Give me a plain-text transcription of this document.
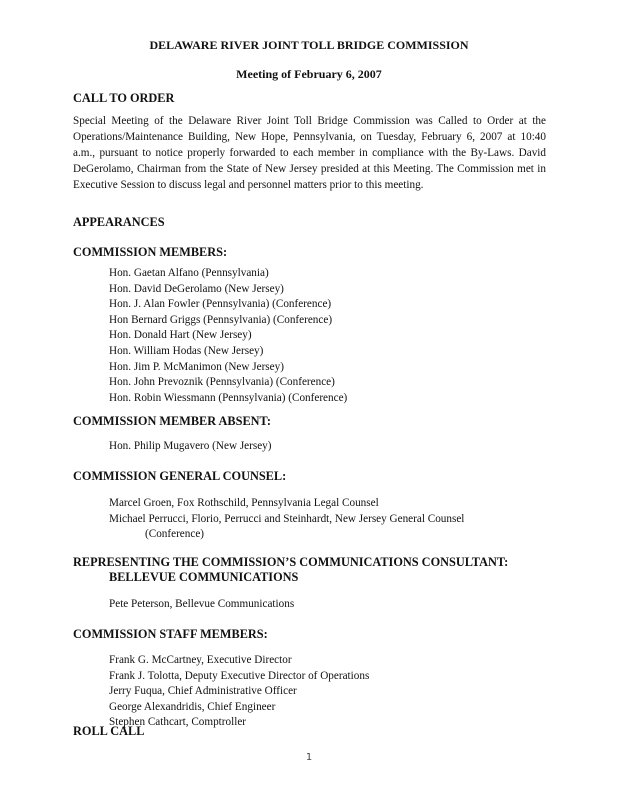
DELAWARE RIVER JOINT TOLL BRIDGE COMMISSION
Meeting of February 6, 2007
CALL TO ORDER
Special Meeting of the Delaware River Joint Toll Bridge Commission was Called to Order at the Operations/Maintenance Building, New Hope, Pennsylvania, on Tuesday, February 6, 2007 at 10:40 a.m., pursuant to notice properly forwarded to each member in compliance with the By-Laws. David DeGerolamo, Chairman from the State of New Jersey presided at this Meeting. The Commission met in Executive Session to discuss legal and personnel matters prior to this meeting.
APPEARANCES
COMMISSION MEMBERS:
Hon. Gaetan Alfano (Pennsylvania)
Hon. David DeGerolamo (New Jersey)
Hon. J. Alan Fowler (Pennsylvania) (Conference)
Hon Bernard Griggs (Pennsylvania) (Conference)
Hon. Donald Hart (New Jersey)
Hon. William Hodas (New Jersey)
Hon. Jim P. McManimon (New Jersey)
Hon. John Prevoznik (Pennsylvania) (Conference)
Hon. Robin Wiessmann (Pennsylvania) (Conference)
COMMISSION MEMBER ABSENT:
Hon. Philip Mugavero (New Jersey)
COMMISSION GENERAL COUNSEL:
Marcel Groen, Fox Rothschild, Pennsylvania Legal Counsel
Michael Perrucci, Florio, Perrucci and Steinhardt, New Jersey General Counsel
(Conference)
REPRESENTING THE COMMISSION’S COMMUNICATIONS CONSULTANT:
BELLEVUE COMMUNICATIONS
Pete Peterson, Bellevue Communications
COMMISSION STAFF MEMBERS:
Frank G. McCartney, Executive Director
Frank J. Tolotta, Deputy Executive Director of Operations
Jerry Fuqua, Chief Administrative Officer
George Alexandridis, Chief Engineer
Stephen Cathcart, Comptroller
ROLL CALL
1
